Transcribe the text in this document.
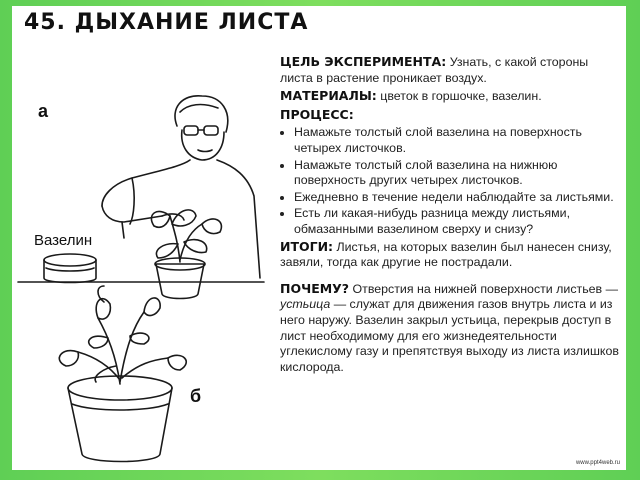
45. ДЫХАНИЕ ЛИСТА
а
Вазелин
б

ЦЕЛЬ ЭКСПЕРИМЕНТА: Узнать, с какой стороны листа в растение проникает воздух.

МАТЕРИАЛЫ: цветок в горшочке, вазелин.

ПРОЦЕСС:

• Намажьте толстый слой вазелина на поверхность четырех листочков.
• Намажьте толстый слой вазелина на нижнюю поверхность других четырех листочков.
• Ежедневно в течение недели наблюдайте за листьями.
• Есть ли какая-нибудь разница между листьями, обмазанными вазелином сверху и снизу?

ИТОГИ: Листья, на которых вазелин был нанесен снизу, завяли, тогда как другие не пострадали.

ПОЧЕМУ? Отверстия на нижней поверхности листьев — устьица — служат для движения газов внутрь листа и из него наружу. Вазелин закрыл устьица, перекрыв доступ в лист необходимому для его жизнедеятельности углекислому газу и препятствуя выходу из листа излишков кислорода.

www.ppt4web.ru
